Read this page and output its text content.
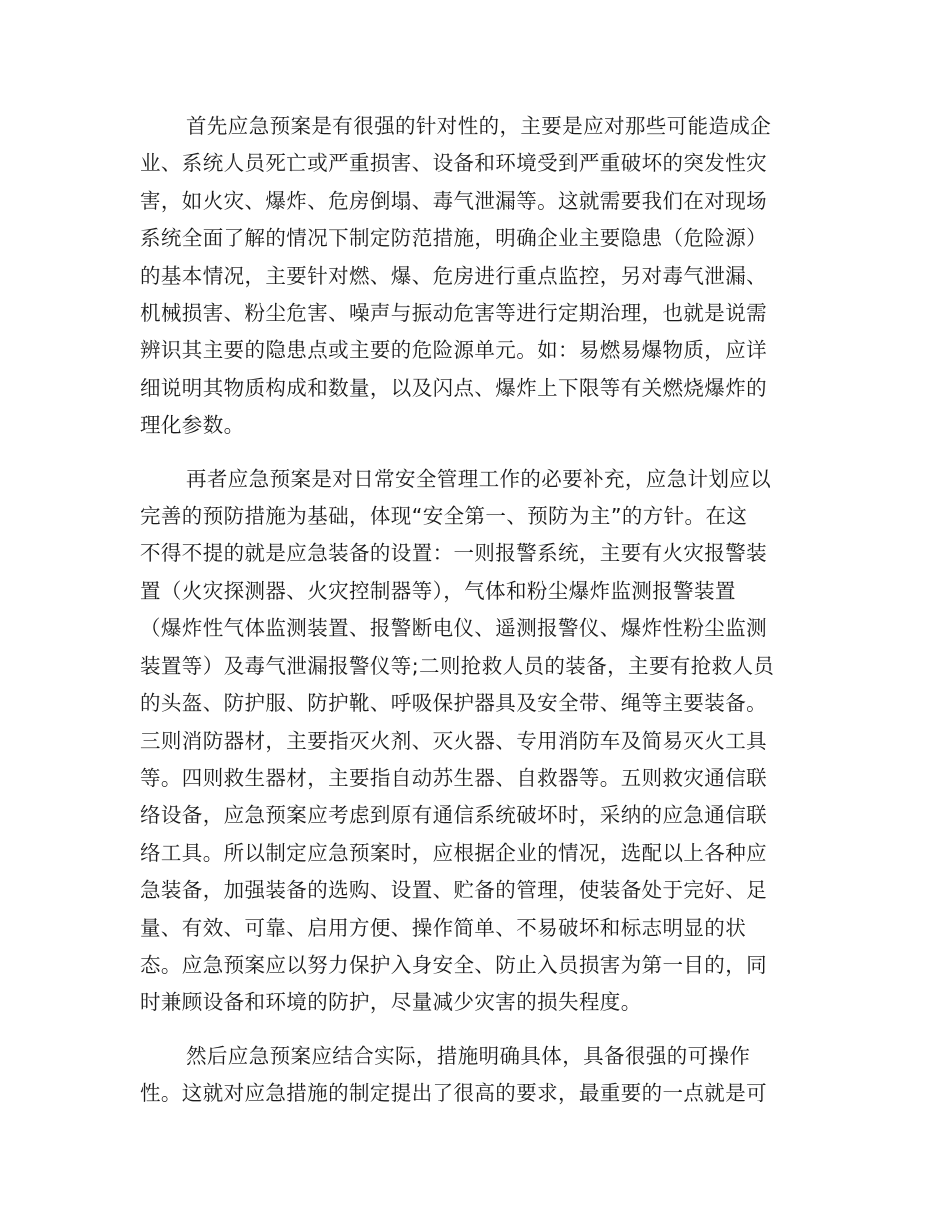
首先应急预案是有很强的针对性的，主要是应对那些可能造成企
业、系统人员死亡或严重损害、设备和环境受到严重破坏的突发性灾
害，如火灾、爆炸、危房倒塌、毒气泄漏等。这就需要我们在对现场
系统全面了解的情况下制定防范措施，明确企业主要隐患（危险源）
的基本情况，主要针对燃、爆、危房进行重点监控，另对毒气泄漏、
机械损害、粉尘危害、噪声与振动危害等进行定期治理，也就是说需
辨识其主要的隐患点或主要的危险源单元。如：易燃易爆物质，应详
细说明其物质构成和数量，以及闪点、爆炸上下限等有关燃烧爆炸的
理化参数。

再者应急预案是对日常安全管理工作的必要补充，应急计划应以
完善的预防措施为基础，体现“安全第一、预防为主”的方针。在这
不得不提的就是应急装备的设置：一则报警系统，主要有火灾报警装
置（火灾探测器、火灾控制器等），气体和粉尘爆炸监测报警装置
（爆炸性气体监测装置、报警断电仪、遥测报警仪、爆炸性粉尘监测
装置等）及毒气泄漏报警仪等;二则抢救人员的装备，主要有抢救人员
的头盔、防护服、防护靴、呼吸保护器具及安全带、绳等主要装备。
三则消防器材，主要指灭火剂、灭火器、专用消防车及简易灭火工具
等。四则救生器材，主要指自动苏生器、自救器等。五则救灾通信联
络设备，应急预案应考虑到原有通信系统破坏时，采纳的应急通信联
络工具。所以制定应急预案时，应根据企业的情况，选配以上各种应
急装备，加强装备的选购、设置、贮备的管理，使装备处于完好、足
量、有效、可靠、启用方便、操作简单、不易破坏和标志明显的状
态。应急预案应以努力保护入身安全、防止入员损害为第一目的，同
时兼顾设备和环境的防护，尽量减少灾害的损失程度。

然后应急预案应结合实际，措施明确具体，具备很强的可操作
性。这就对应急措施的制定提出了很高的要求，最重要的一点就是可
